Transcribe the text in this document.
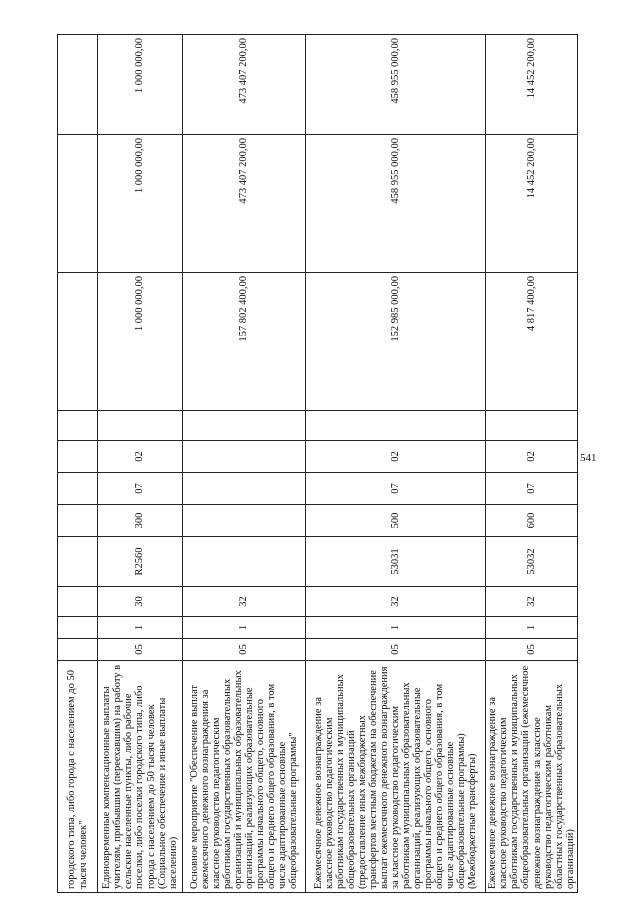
541
городского типа, либо города с населением до 50 тысяч человек"											
Единовременные компенсационные выплаты учителям, прибывшим (переехавшим) на работу в сельские населенные пункты, либо рабочие поселки, либо поселки городского типа, либо города с населением до 50 тысяч человек (Социальное обеспечение и иные выплаты населению)	05	1	30	R2560	300	07	02		1 000 000,00	1 000 000,00	1 000 000,00
Основное мероприятие "Обеспечение выплат ежемесячного денежного вознаграждения за классное руководство педагогическим работникам государственных образовательных организаций и муниципальных образовательных организаций, реализующих образовательные программы начального общего, основного общего и среднего общего образования, в том числе адаптированные основные общеобразовательные программы"	05	1	32						157 802 400,00	473 407 200,00	473 407 200,00
Ежемесячное денежное вознаграждение за классное руководство педагогическим работникам государственных и муниципальных общеобразовательных организаций (предоставление иных межбюджетных трансфертов местным бюджетам на обеспечение выплат ежемесячного денежного вознаграждения за классное руководство педагогическим работникам муниципальных образовательных организаций, реализующих образовательные программы начального общего, основного общего и среднего общего образования, в том числе адаптированные основные общеобразовательные программы) (Межбюджетные трансферты)	05	1	32	53031	500	07	02		152 985 000,00	458 955 000,00	458 955 000,00
Ежемесячное денежное вознаграждение за классное руководство педагогическим работникам государственных и муниципальных общеобразовательных организаций (ежемесячное денежное вознаграждение за классное руководство педагогическим работникам областных государственных образовательных организаций)	05	1	32	53032	600	07	02		4 817 400,00	14 452 200,00	14 452 200,00
